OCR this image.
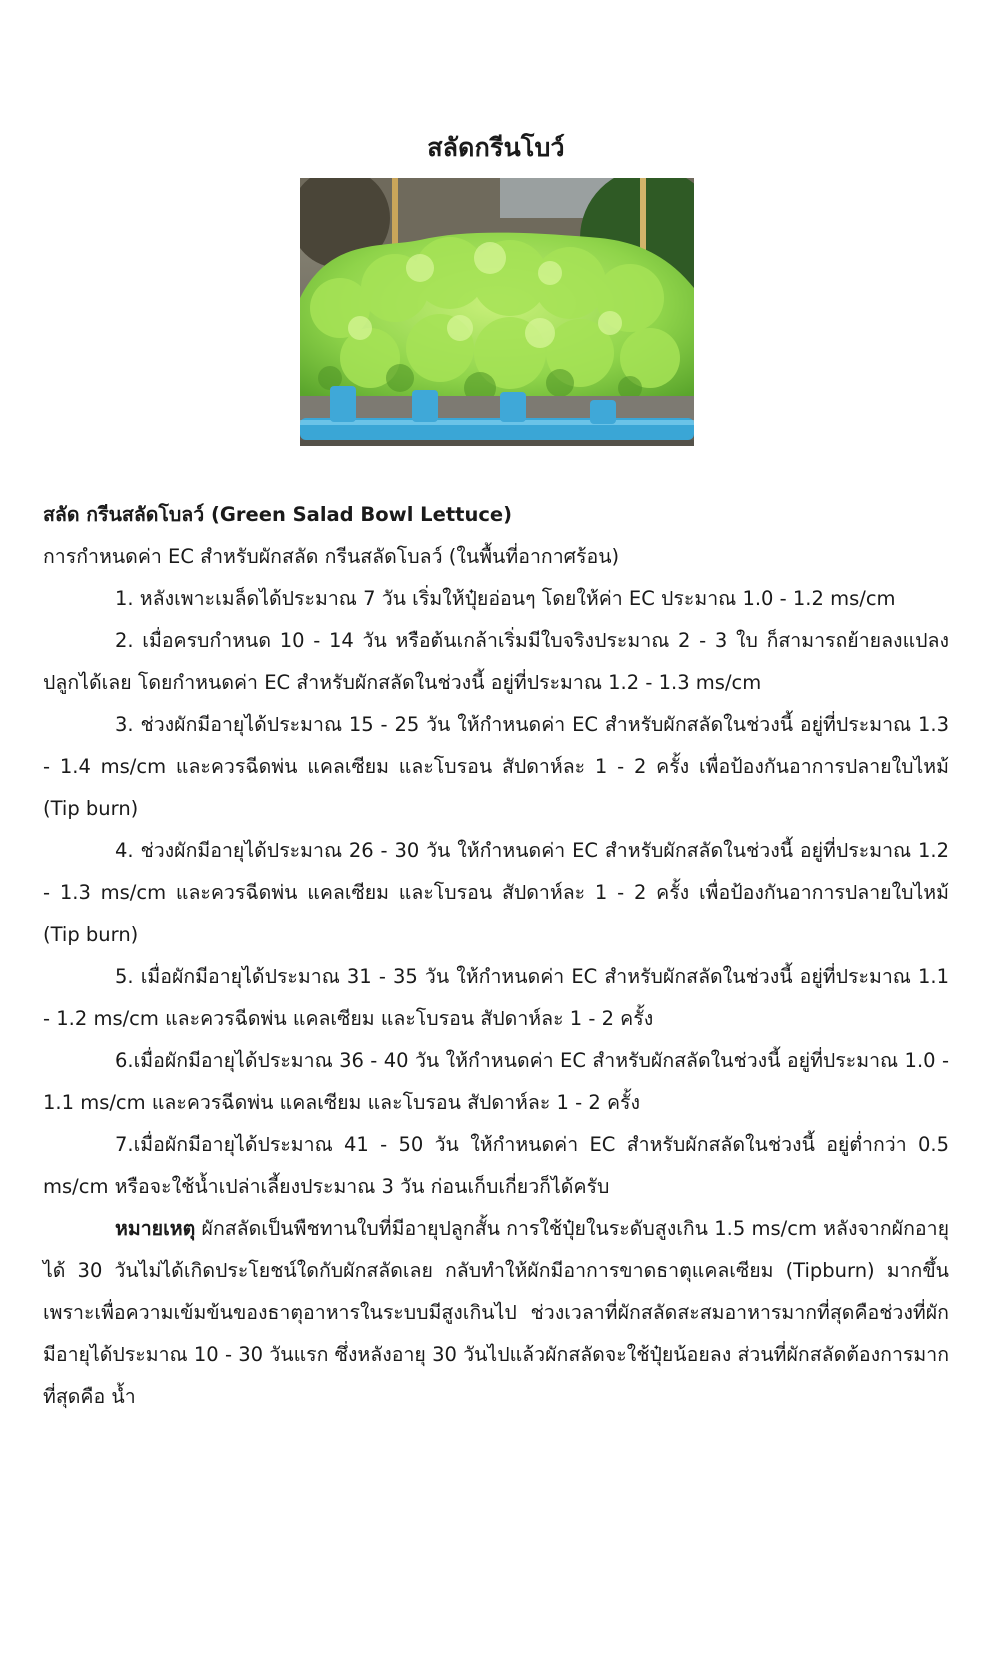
สลัดกรีนโบว์

สลัด กรีนสลัดโบลว์ (Green Salad Bowl Lettuce)

การกำหนดค่า EC สำหรับผักสลัด กรีนสลัดโบลว์ (ในพื้นที่อากาศร้อน)

1. หลังเพาะเมล็ดได้ประมาณ 7 วัน เริ่มให้ปุ๋ยอ่อนๆ โดยให้ค่า EC ประมาณ 1.0 - 1.2 ms/cm

2. เมื่อครบกำหนด 10 - 14 วัน หรือต้นเกล้าเริ่มมีใบจริงประมาณ 2 - 3 ใบ ก็สามารถย้ายลงแปลงปลูกได้เลย โดยกำหนดค่า EC สำหรับผักสลัดในช่วงนี้ อยู่ที่ประมาณ 1.2 - 1.3 ms/cm

3. ช่วงผักมีอายุได้ประมาณ 15 - 25 วัน ให้กำหนดค่า EC สำหรับผักสลัดในช่วงนี้ อยู่ที่ประมาณ 1.3 - 1.4 ms/cm และควรฉีดพ่น แคลเซียม และโบรอน สัปดาห์ละ 1 - 2 ครั้ง เพื่อป้องกันอาการปลายใบไหม้ (Tip burn)

4. ช่วงผักมีอายุได้ประมาณ 26 - 30 วัน ให้กำหนดค่า EC สำหรับผักสลัดในช่วงนี้ อยู่ที่ประมาณ 1.2 - 1.3 ms/cm และควรฉีดพ่น แคลเซียม และโบรอน สัปดาห์ละ 1 - 2 ครั้ง เพื่อป้องกันอาการปลายใบไหม้ (Tip burn)

5. เมื่อผักมีอายุได้ประมาณ 31 - 35 วัน ให้กำหนดค่า EC สำหรับผักสลัดในช่วงนี้ อยู่ที่ประมาณ 1.1 - 1.2 ms/cm และควรฉีดพ่น แคลเซียม และโบรอน สัปดาห์ละ 1 - 2 ครั้ง

6.เมื่อผักมีอายุได้ประมาณ 36 - 40 วัน ให้กำหนดค่า EC สำหรับผักสลัดในช่วงนี้ อยู่ที่ประมาณ 1.0 - 1.1 ms/cm และควรฉีดพ่น แคลเซียม และโบรอน สัปดาห์ละ 1 - 2 ครั้ง

7.เมื่อผักมีอายุได้ประมาณ 41 - 50 วัน ให้กำหนดค่า EC สำหรับผักสลัดในช่วงนี้ อยู่ต่ำกว่า 0.5 ms/cm หรือจะใช้น้ำเปล่าเลี้ยงประมาณ 3 วัน ก่อนเก็บเกี่ยวก็ได้ครับ

หมายเหตุ ผักสลัดเป็นพืชทานใบที่มีอายุปลูกสั้น การใช้ปุ๋ยในระดับสูงเกิน 1.5 ms/cm หลังจากผักอายุได้ 30 วันไม่ได้เกิดประโยชน์ใดกับผักสลัดเลย กลับทำให้ผักมีอาการขาดธาตุแคลเซียม (Tipburn) มากขึ้นเพราะเพื่อความเข้มข้นของธาตุอาหารในระบบมีสูงเกินไป ช่วงเวลาที่ผักสลัดสะสมอาหารมากที่สุดคือช่วงที่ผักมีอายุได้ประมาณ 10 - 30 วันแรก ซึ่งหลังอายุ 30 วันไปแล้วผักสลัดจะใช้ปุ๋ยน้อยลง ส่วนที่ผักสลัดต้องการมากที่สุดคือ น้ำ
